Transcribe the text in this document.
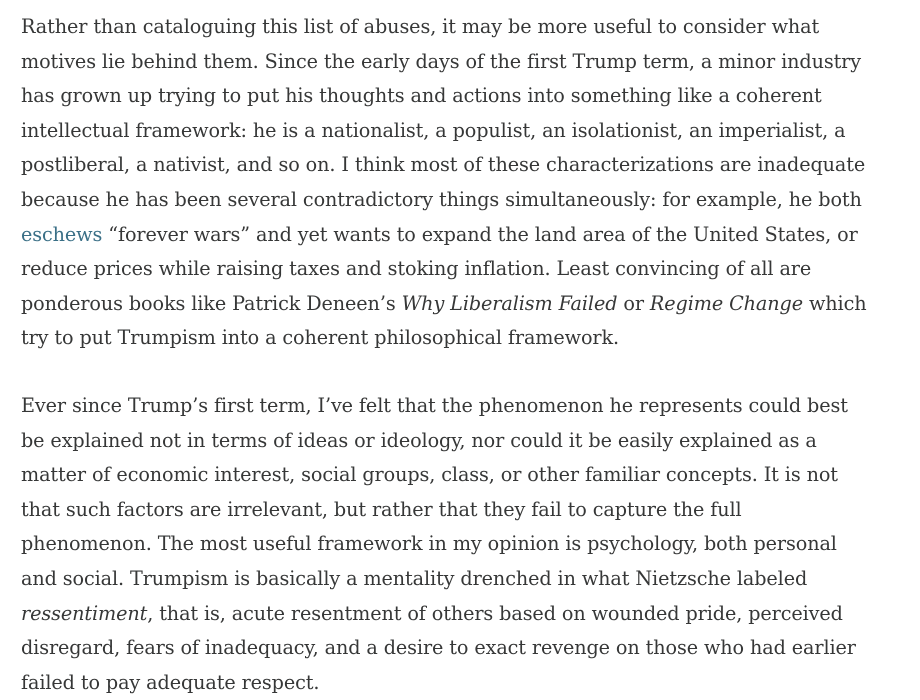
Rather than cataloguing this list of abuses, it may be more useful to consider what
motives lie behind them. Since the early days of the first Trump term, a minor industry
has grown up trying to put his thoughts and actions into something like a coherent
intellectual framework: he is a nationalist, a populist, an isolationist, an imperialist, a
postliberal, a nativist, and so on. I think most of these characterizations are inadequate
because he has been several contradictory things simultaneously: for example, he both
eschews “forever wars” and yet wants to expand the land area of the United States, or
reduce prices while raising taxes and stoking inflation. Least convincing of all are
ponderous books like Patrick Deneen’s Why Liberalism Failed or Regime Change which
try to put Trumpism into a coherent philosophical framework.

Ever since Trump’s first term, I’ve felt that the phenomenon he represents could best
be explained not in terms of ideas or ideology, nor could it be easily explained as a
matter of economic interest, social groups, class, or other familiar concepts. It is not
that such factors are irrelevant, but rather that they fail to capture the full
phenomenon. The most useful framework in my opinion is psychology, both personal
and social. Trumpism is basically a mentality drenched in what Nietzsche labeled
ressentiment, that is, acute resentment of others based on wounded pride, perceived
disregard, fears of inadequacy, and a desire to exact revenge on those who had earlier
failed to pay adequate respect.
